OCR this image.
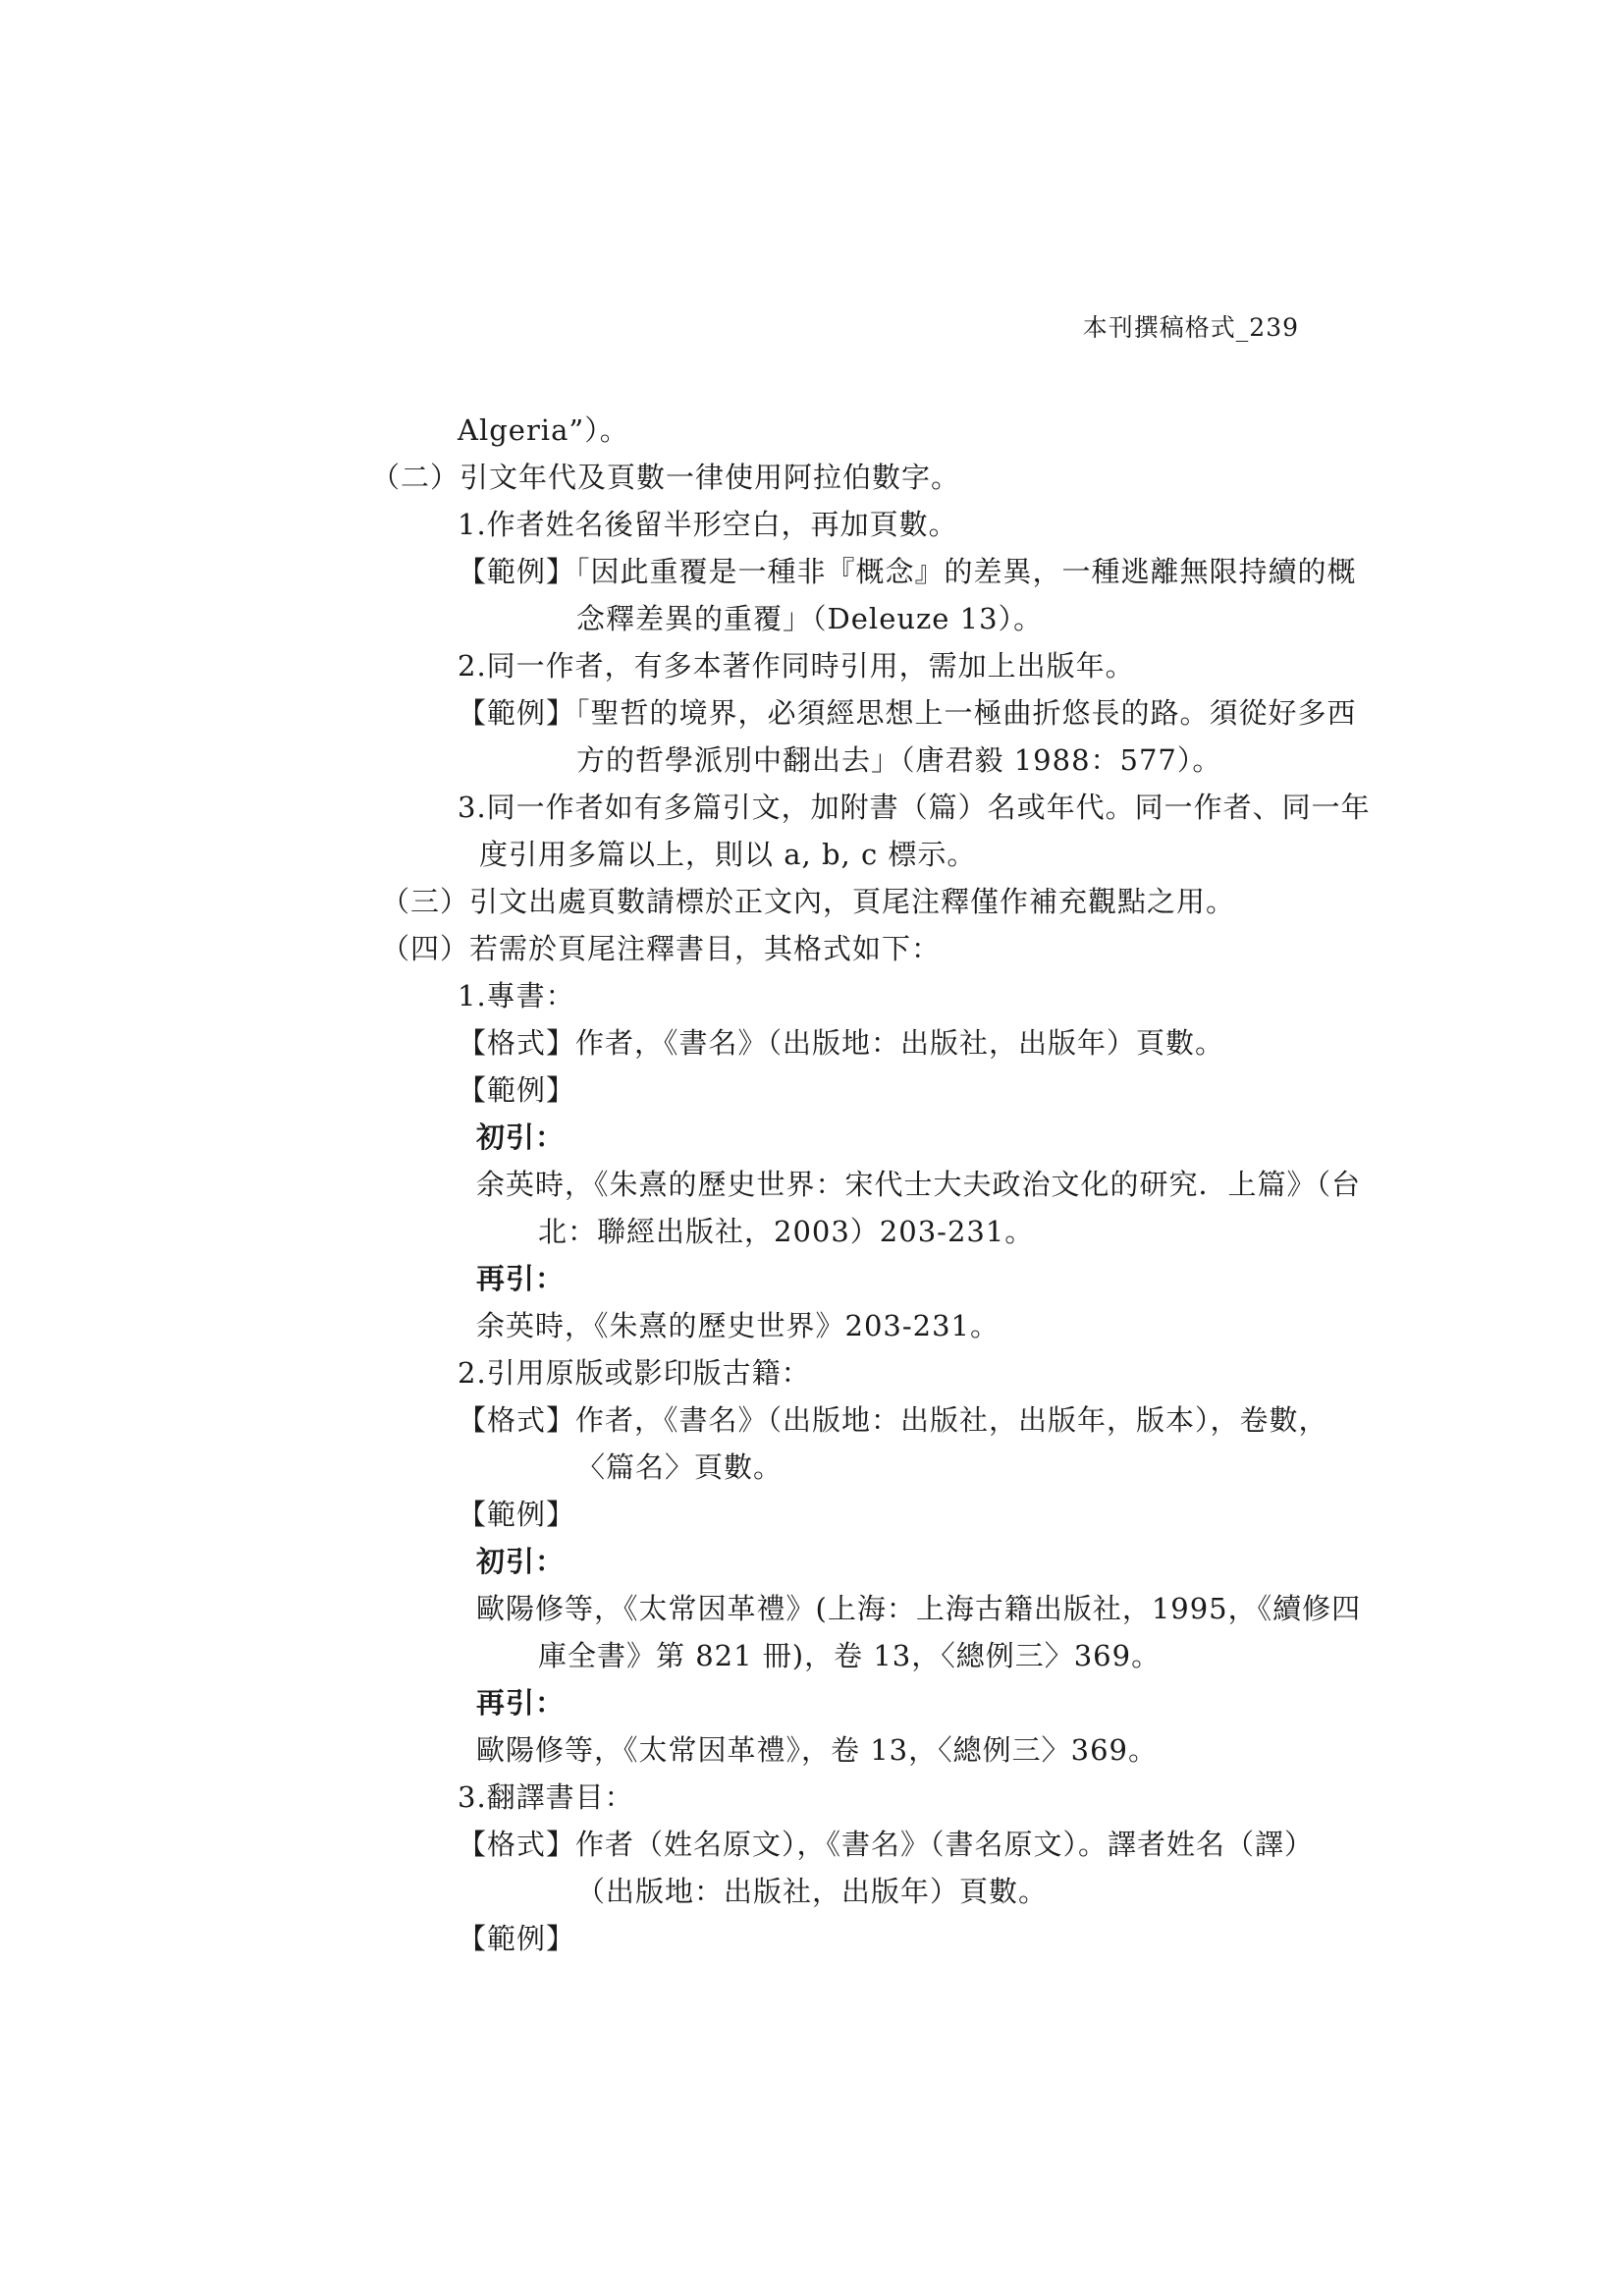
本刊撰稿格式_239
Algeria”）。
（二）引文年代及頁數一律使用阿拉伯數字。
1.作者姓名後留半形空白，再加頁數。
【範例】「因此重覆是一種非『概念』的差異，一種逃離無限持續的概
念釋差異的重覆」（Deleuze 13）。
2.同一作者，有多本著作同時引用，需加上出版年。
【範例】「聖哲的境界，必須經思想上一極曲折悠長的路。須從好多西
方的哲學派別中翻出去」（唐君毅 1988：577）。
3.同一作者如有多篇引文，加附書（篇）名或年代。同一作者、同一年
度引用多篇以上，則以 a, b, c 標示。
（三）引文出處頁數請標於正文內，頁尾注釋僅作補充觀點之用。
（四）若需於頁尾注釋書目，其格式如下：
1.專書：
【格式】作者，《書名》（出版地：出版社，出版年）頁數。
【範例】
初引：
余英時，《朱熹的歷史世界：宋代士大夫政治文化的研究．上篇》（台
北：聯經出版社，2003）203-231。
再引：
余英時，《朱熹的歷史世界》203-231。
2.引用原版或影印版古籍：
【格式】作者，《書名》（出版地：出版社，出版年，版本），卷數，
〈篇名〉頁數。
【範例】
初引：
歐陽修等，《太常因革禮》(上海：上海古籍出版社，1995，《續修四
庫全書》第 821 冊)，卷 13，〈總例三〉369。
再引：
歐陽修等，《太常因革禮》，卷 13，〈總例三〉369。
3.翻譯書目：
【格式】作者（姓名原文），《書名》（書名原文）。譯者姓名（譯）
（出版地：出版社，出版年）頁數。
【範例】
